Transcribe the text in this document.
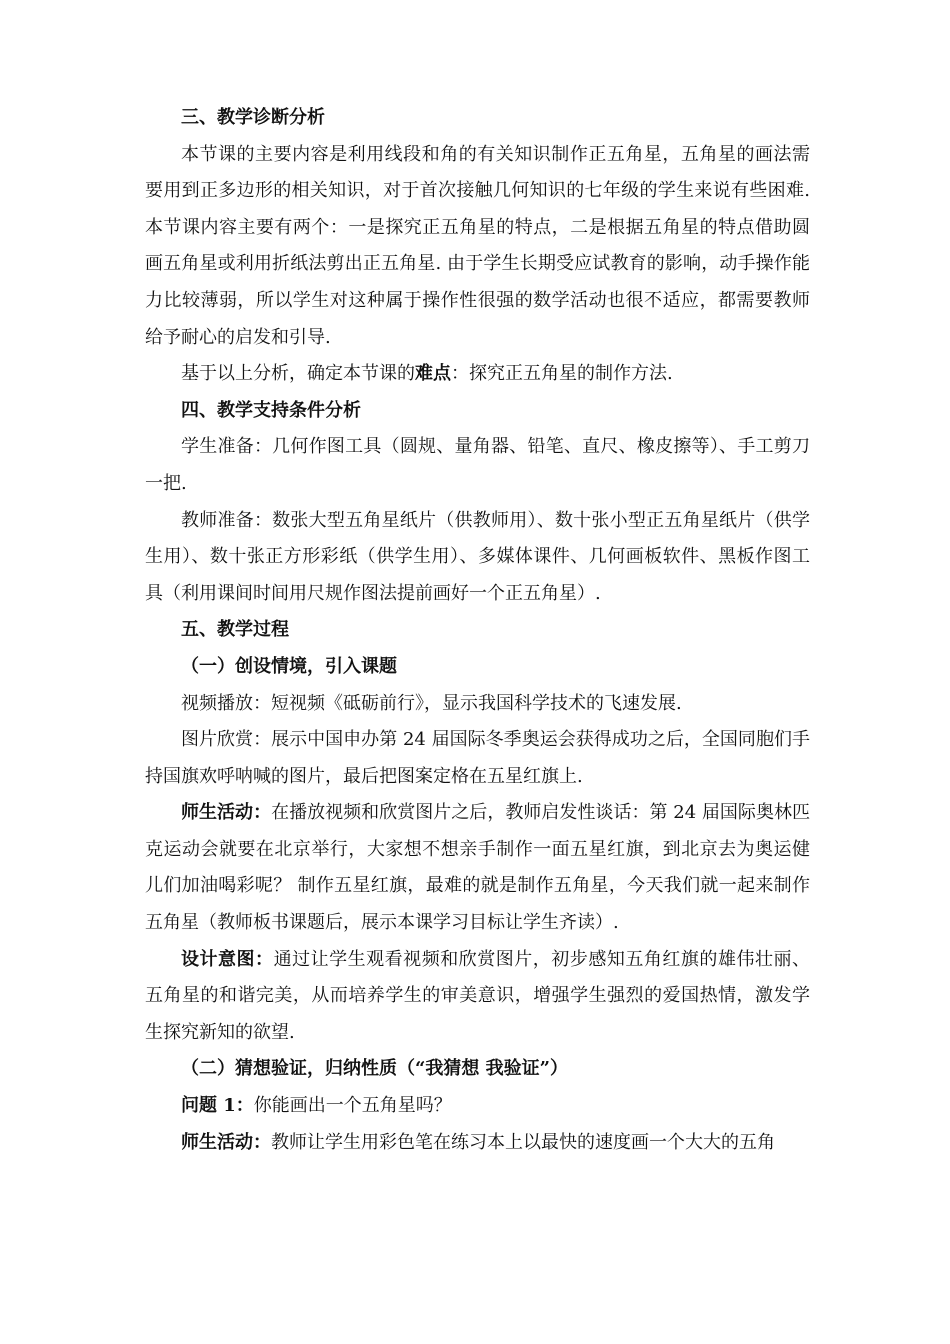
三、教学诊断分析

本节课的主要内容是利用线段和角的有关知识制作正五角星，五角星的画法需要用到正多边形的相关知识，对于首次接触几何知识的七年级的学生来说有些困难. 本节课内容主要有两个：一是探究正五角星的特点，二是根据五角星的特点借助圆画五角星或利用折纸法剪出正五角星. 由于学生长期受应试教育的影响，动手操作能力比较薄弱，所以学生对这种属于操作性很强的数学活动也很不适应，都需要教师给予耐心的启发和引导.

基于以上分析，确定本节课的难点：探究正五角星的制作方法.

四、教学支持条件分析

学生准备：几何作图工具（圆规、量角器、铅笔、直尺、橡皮擦等）、手工剪刀一把.

教师准备：数张大型五角星纸片（供教师用）、数十张小型正五角星纸片（供学生用）、数十张正方形彩纸（供学生用）、多媒体课件、几何画板软件、黑板作图工具（利用课间时间用尺规作图法提前画好一个正五角星）.

五、教学过程

（一）创设情境，引入课题

视频播放：短视频《砥砺前行》，显示我国科学技术的飞速发展.

图片欣赏：展示中国申办第 24 届国际冬季奥运会获得成功之后，全国同胞们手持国旗欢呼呐喊的图片，最后把图案定格在五星红旗上.

师生活动：在播放视频和欣赏图片之后，教师启发性谈话：第 24 届国际奥林匹克运动会就要在北京举行，大家想不想亲手制作一面五星红旗，到北京去为奥运健儿们加油喝彩呢？ 制作五星红旗，最难的就是制作五角星，今天我们就一起来制作五角星（教师板书课题后，展示本课学习目标让学生齐读）.

设计意图：通过让学生观看视频和欣赏图片，初步感知五角红旗的雄伟壮丽、五角星的和谐完美，从而培养学生的审美意识，增强学生强烈的爱国热情，激发学生探究新知的欲望.

（二）猜想验证，归纳性质（“我猜想 我验证”）

问题 1：你能画出一个五角星吗？

师生活动：教师让学生用彩色笔在练习本上以最快的速度画一个大大的五角
